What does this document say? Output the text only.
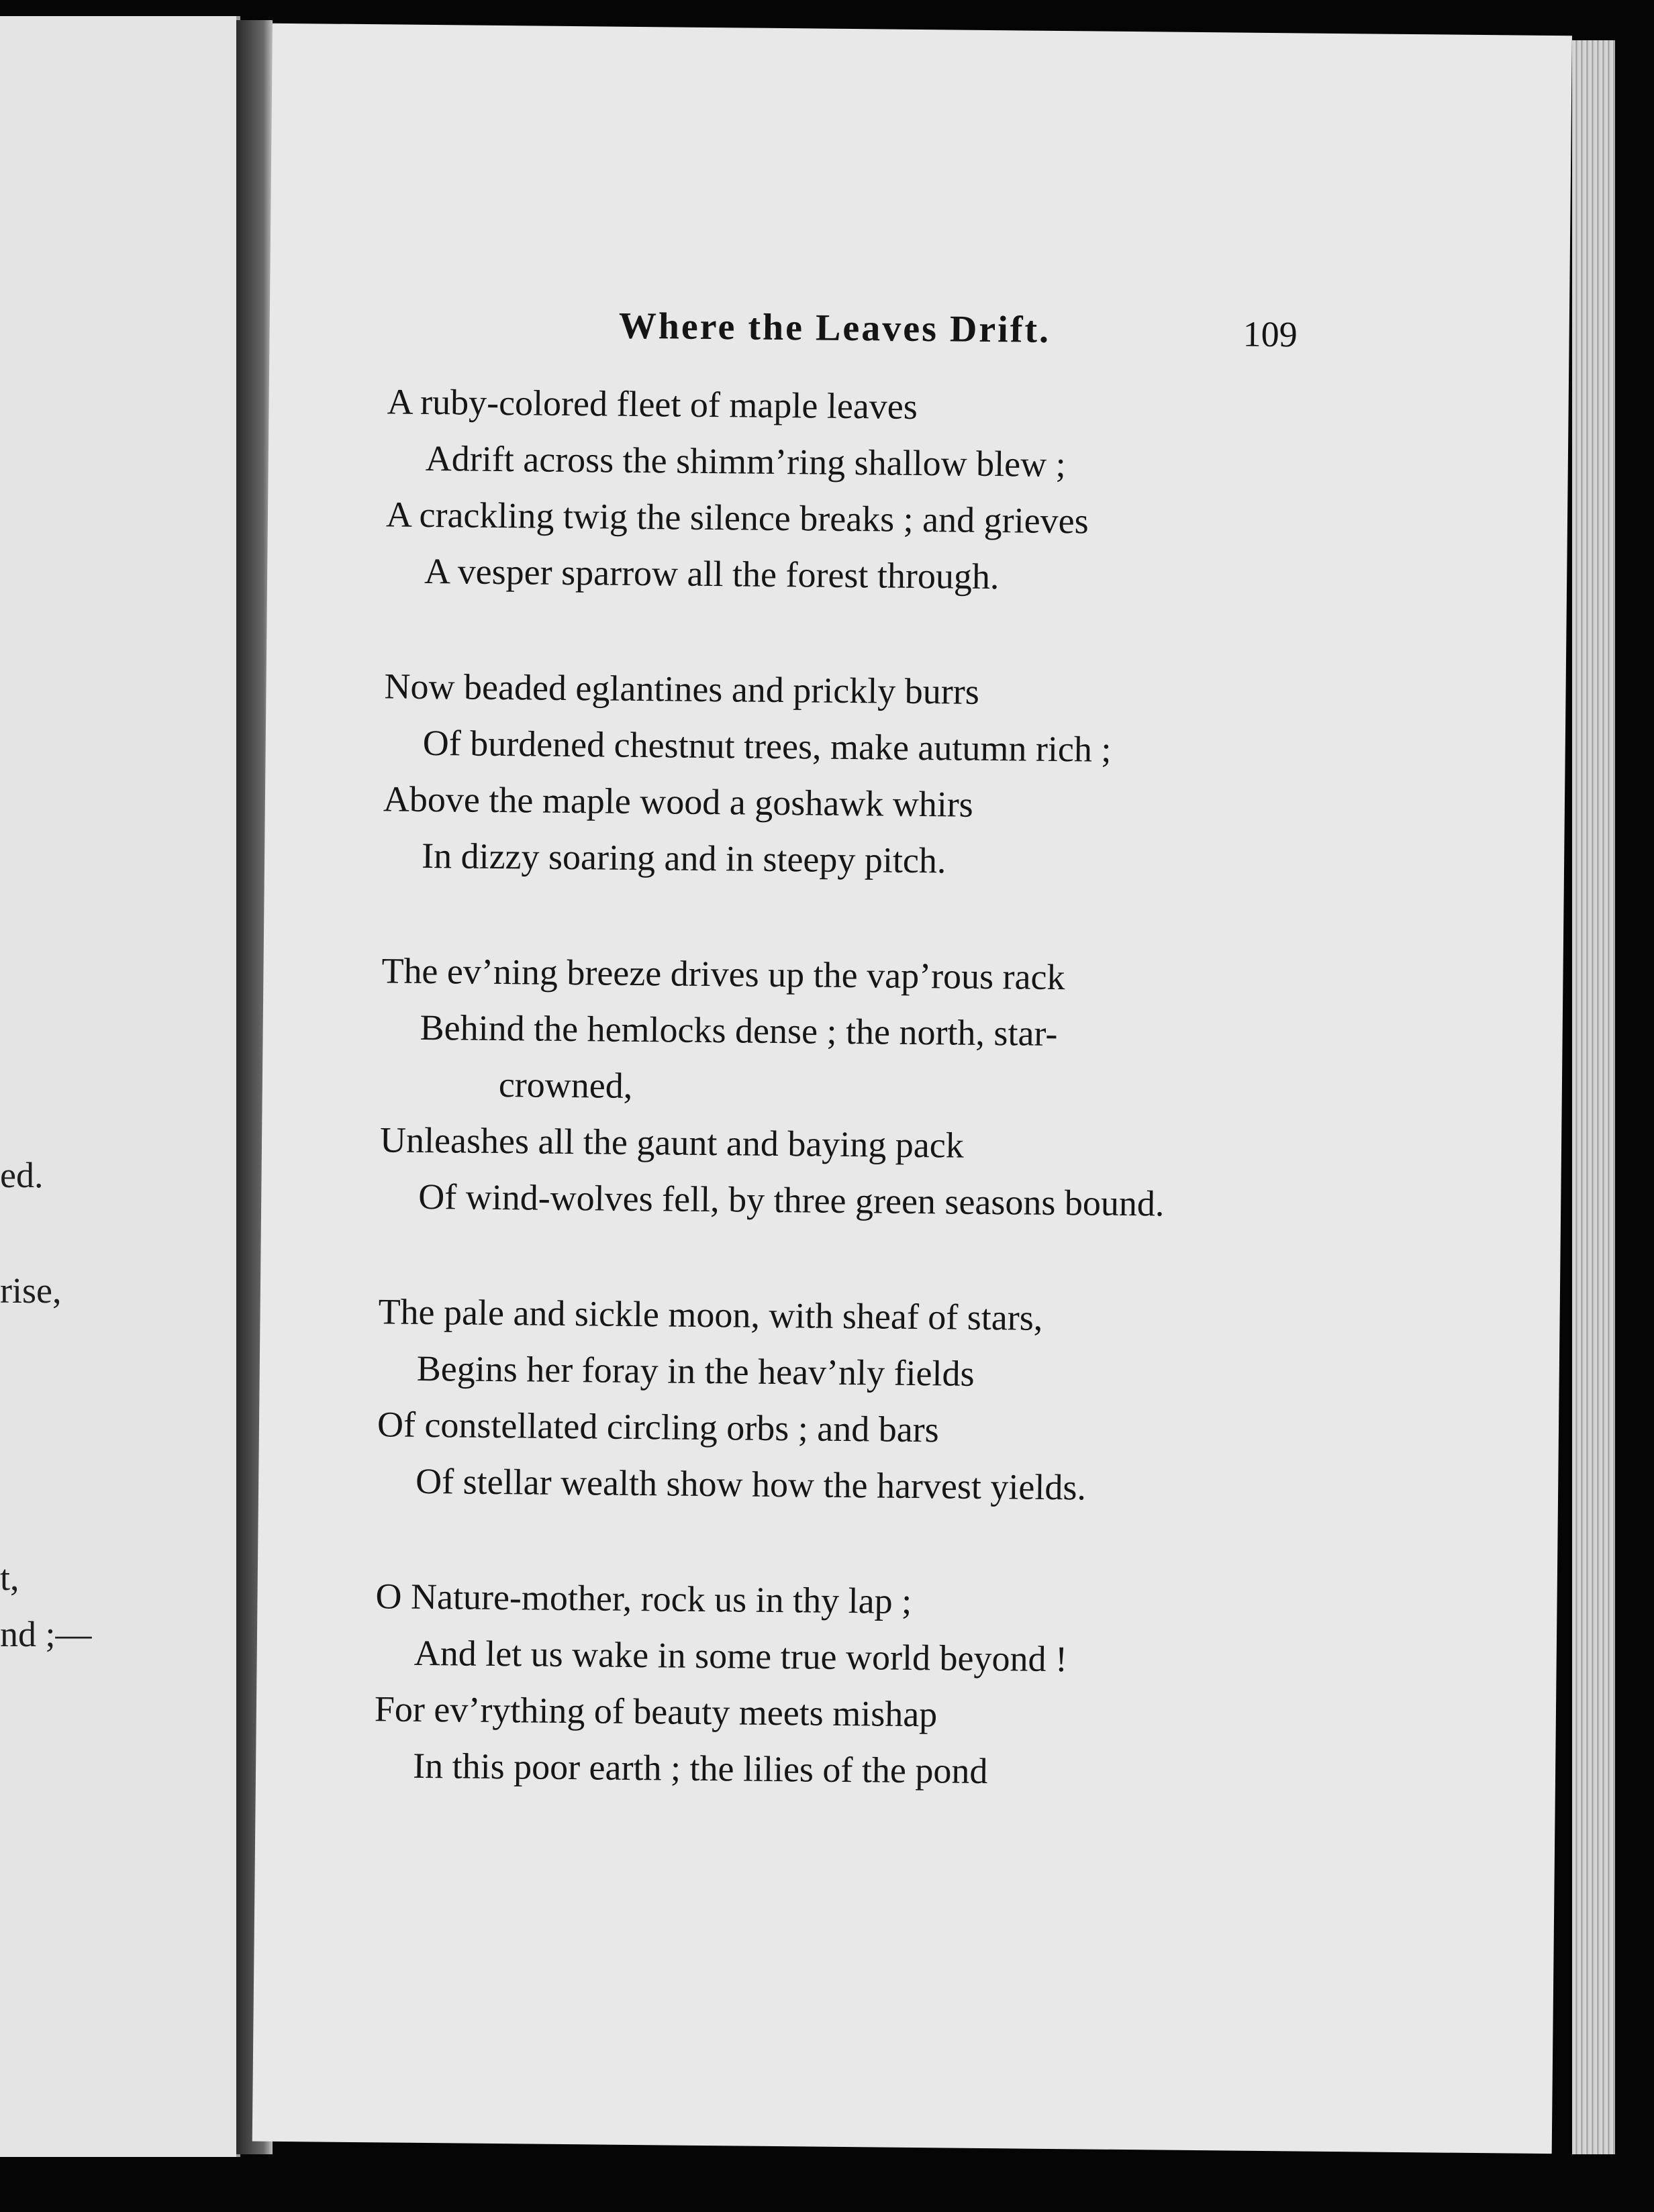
ed.
rise,
t,
nd ;—
Where the Leaves Drift.	109
A ruby-colored fleet of maple leaves
Adrift across the shimm’ring shallow blew ;
A crackling twig the silence breaks ; and grieves
A vesper sparrow all the forest through.
Now beaded eglantines and prickly burrs
Of burdened chestnut trees, make autumn rich ;
Above the maple wood a goshawk whirs
In dizzy soaring and in steepy pitch.
The ev’ning breeze drives up the vap’rous rack
Behind the hemlocks dense ; the north, star-
crowned,
Unleashes all the gaunt and baying pack
Of wind-wolves fell, by three green seasons bound.
The pale and sickle moon, with sheaf of stars,
Begins her foray in the heav’nly fields
Of constellated circling orbs ; and bars
Of stellar wealth show how the harvest yields.
O Nature-mother, rock us in thy lap ;
And let us wake in some true world beyond !
For ev’rything of beauty meets mishap
In this poor earth ; the lilies of the pond
